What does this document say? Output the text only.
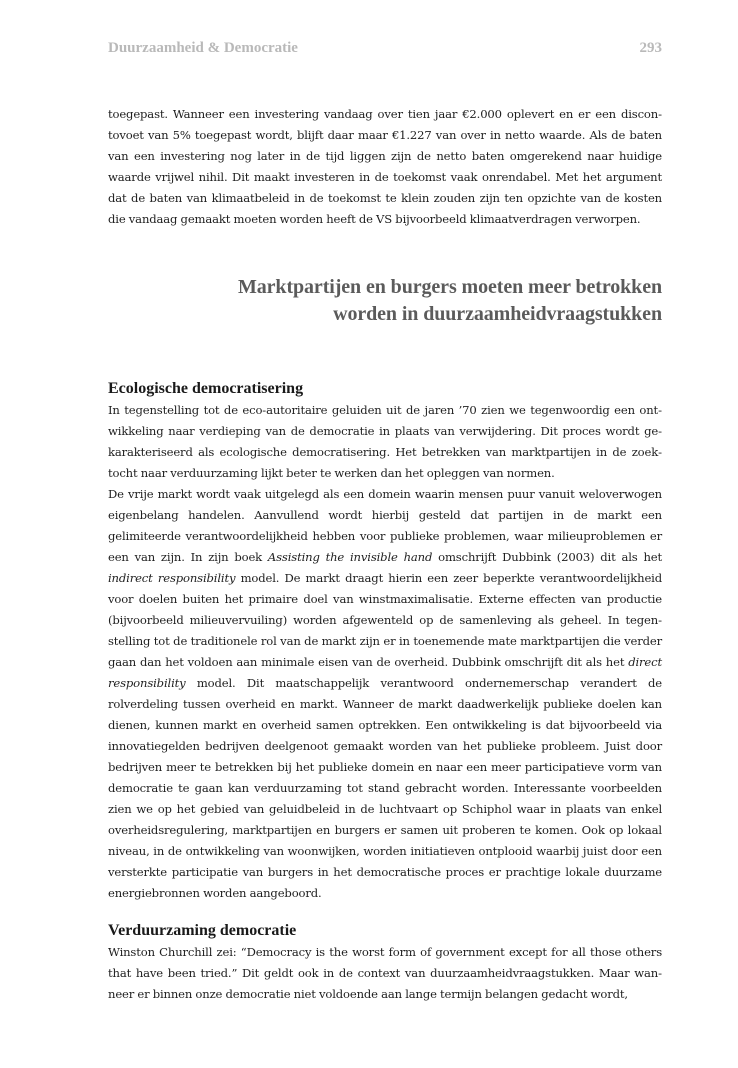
Duurzaamheid & Democratie	293

toegepast. Wanneer een investering vandaag over tien jaar €2.000 oplevert en er een discontovoet van 5% toegepast wordt, blijft daar maar €1.227 van over in netto waarde. Als de baten van een investering nog later in de tijd liggen zijn de netto baten omgerekend naar huidige waarde vrijwel nihil. Dit maakt investeren in de toekomst vaak onrendabel. Met het argument dat de baten van klimaatbeleid in de toekomst te klein zouden zijn ten opzichte van de kosten die vandaag gemaakt moeten worden heeft de VS bijvoorbeeld klimaatverdragen verworpen.

Marktpartijen en burgers moeten meer betrokken
worden in duurzaamheidvraagstukken
Ecologische democratisering

In tegenstelling tot de eco-autoritaire geluiden uit de jaren ’70 zien we tegenwoordig een ontwikkeling naar verdieping van de democratie in plaats van verwijdering. Dit proces wordt gekarakteriseerd als ecologische democratisering. Het betrekken van marktpartijen in de zoektocht naar verduurzaming lijkt beter te werken dan het opleggen van normen.

De vrije markt wordt vaak uitgelegd als een domein waarin mensen puur vanuit weloverwogen eigenbelang handelen. Aanvullend wordt hierbij gesteld dat partijen in de markt een gelimiteerde verantwoordelijkheid hebben voor publieke problemen, waar milieuproblemen er een van zijn. In zijn boek Assisting the invisible hand omschrijft Dubbink (2003) dit als het indirect responsibility model. De markt draagt hierin een zeer beperkte verantwoordelijkheid voor doelen buiten het primaire doel van winstmaximalisatie. Externe effecten van productie (bijvoorbeeld milieuvervuiling) worden afgewenteld op de samenleving als geheel. In tegenstelling tot de traditionele rol van de markt zijn er in toenemende mate marktpartijen die verder gaan dan het voldoen aan minimale eisen van de overheid. Dubbink omschrijft dit als het direct responsibility model. Dit maatschappelijk verantwoord ondernemerschap verandert de rolverdeling tussen overheid en markt. Wanneer de markt daadwerkelijk publieke doelen kan dienen, kunnen markt en overheid samen optrekken. Een ontwikkeling is dat bijvoorbeeld via innovatiegelden bedrijven deelgenoot gemaakt worden van het publieke probleem. Juist door bedrijven meer te betrekken bij het publieke domein en naar een meer participatieve vorm van democratie te gaan kan verduurzaming tot stand gebracht worden. Interessante voorbeelden zien we op het gebied van geluidbeleid in de luchtvaart op Schiphol waar in plaats van enkel overheidsregulering, marktpartijen en burgers er samen uit proberen te komen. Ook op lokaal niveau, in de ontwikkeling van woonwijken, worden initiatieven ontplooid waarbij juist door een versterkte participatie van burgers in het democratische proces er prachtige lokale duurzame energiebronnen worden aangeboord.

Verduurzaming democratie

Winston Churchill zei: “Democracy is the worst form of government except for all those others that have been tried.” Dit geldt ook in de context van duurzaamheidvraagstukken. Maar wanneer er binnen onze democratie niet voldoende aan lange termijn belangen gedacht wordt,
